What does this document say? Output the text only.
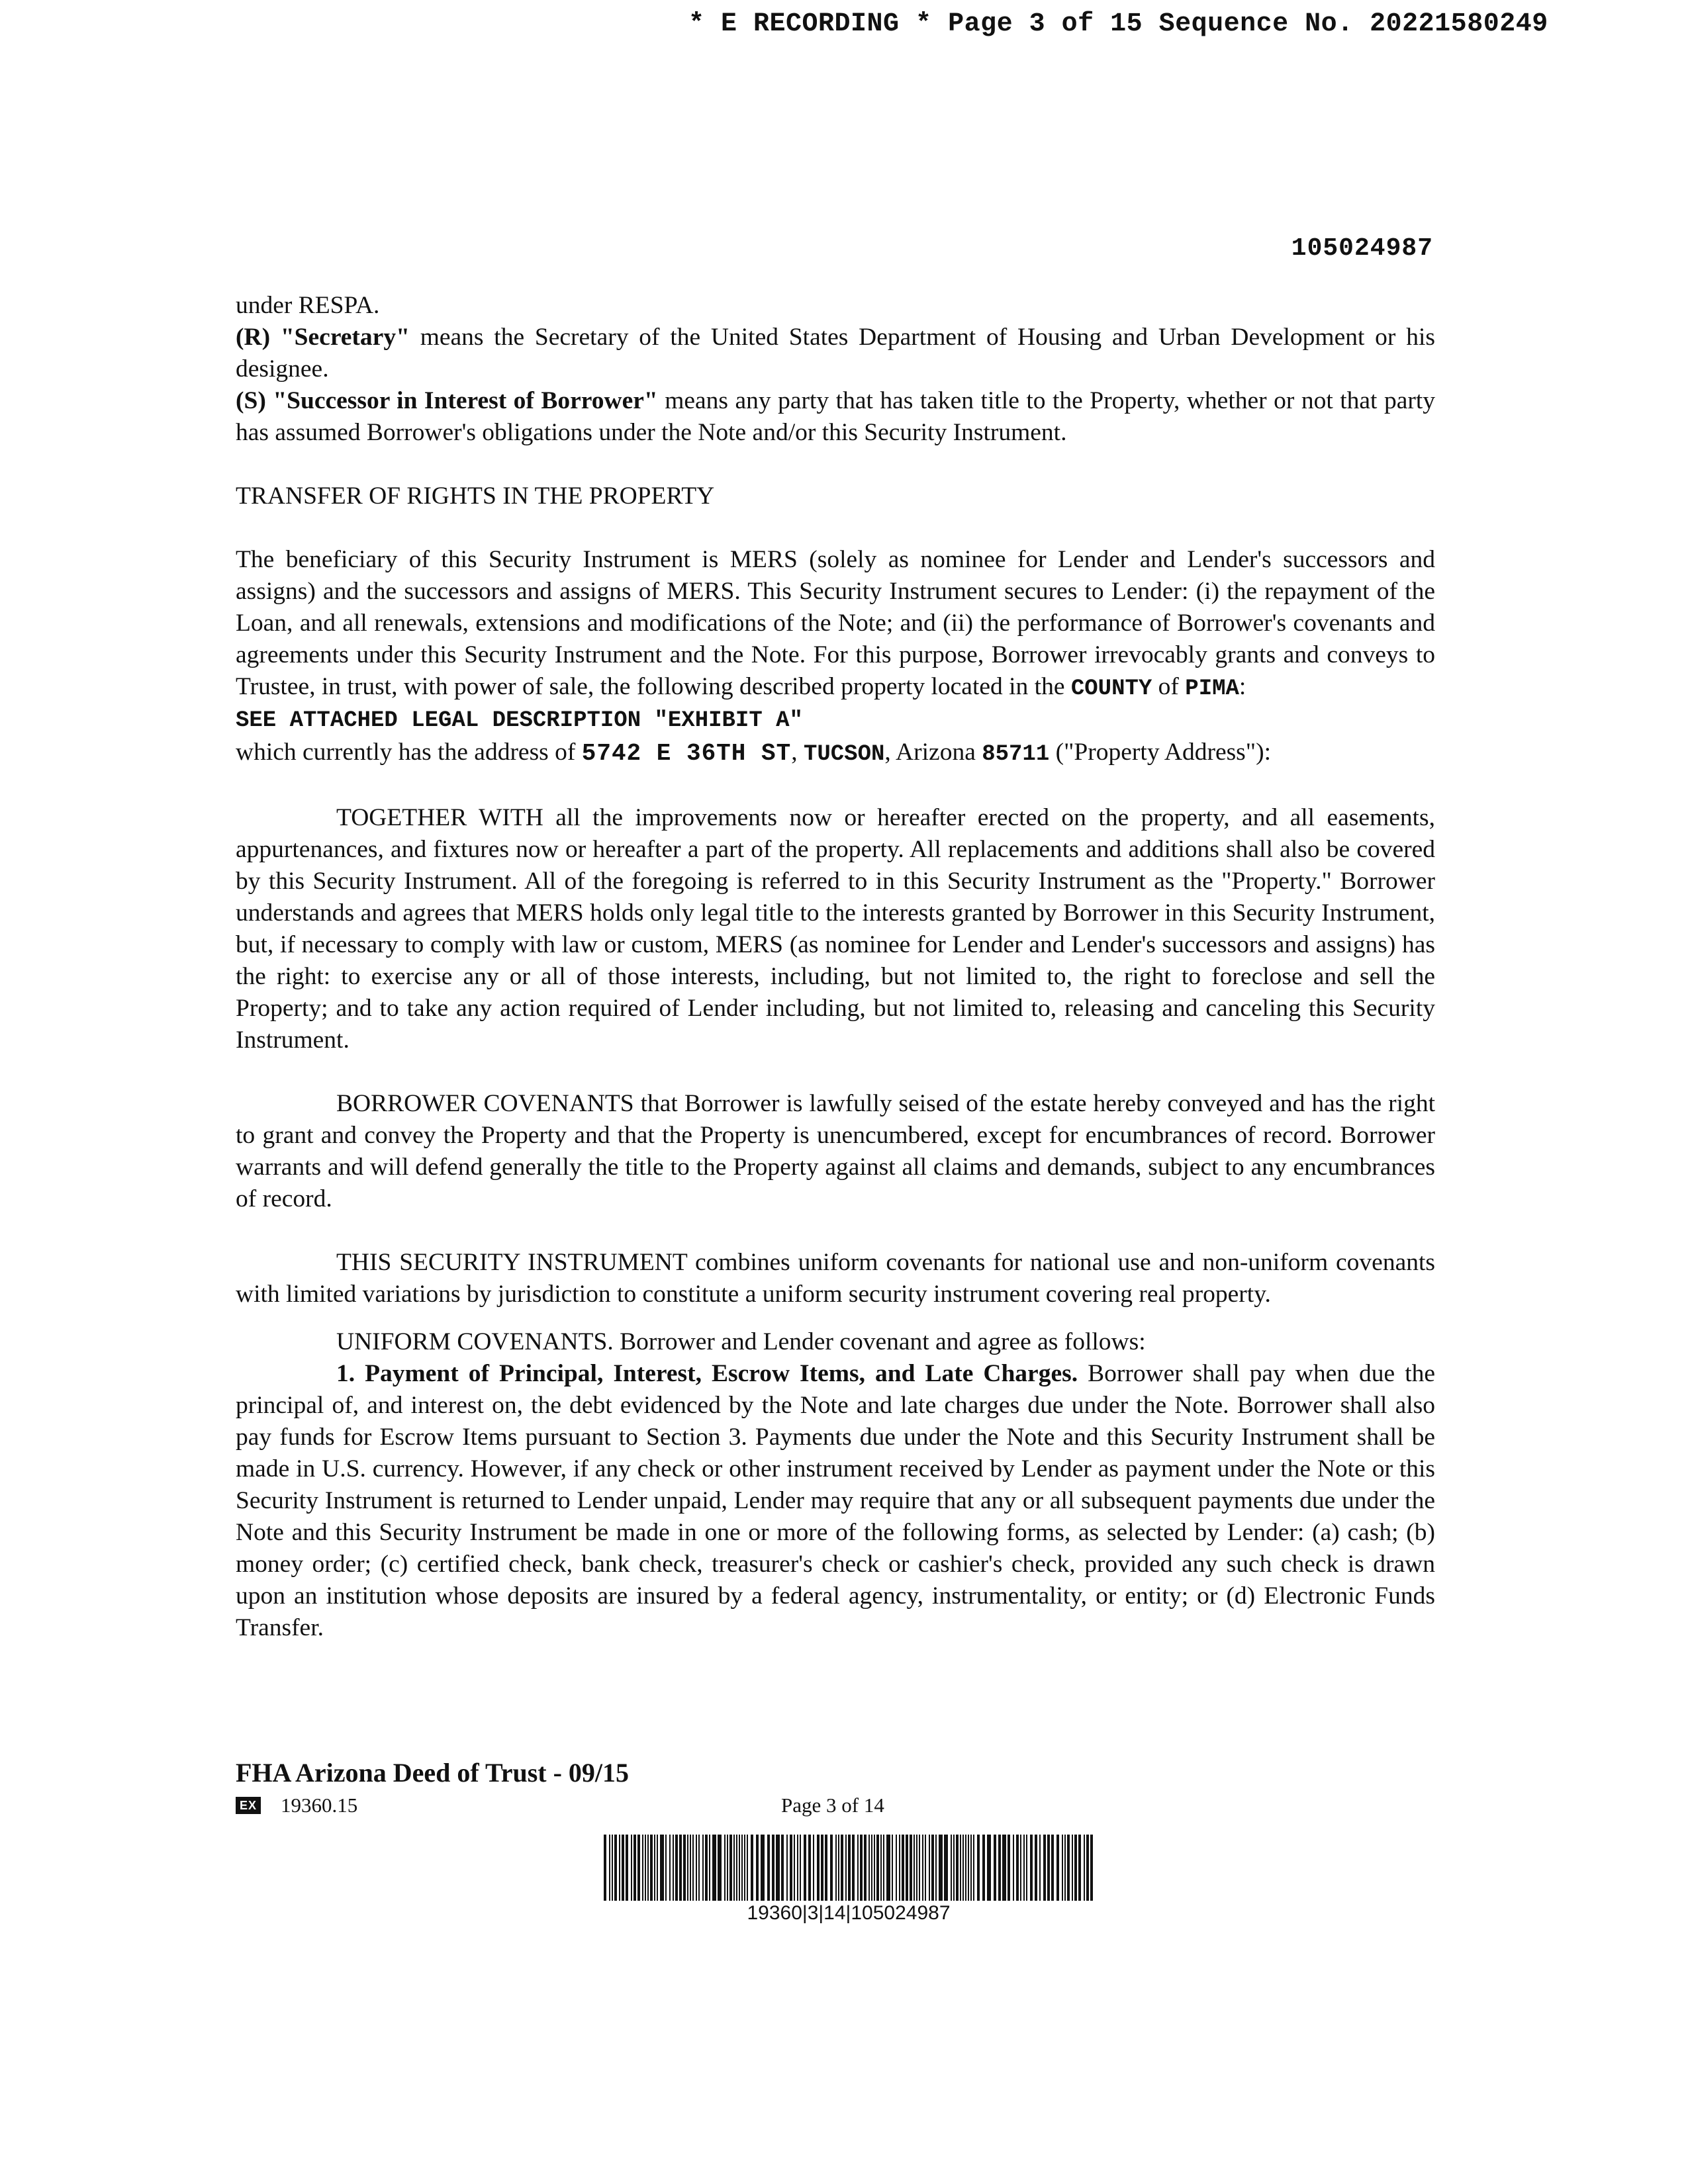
* E RECORDING * Page 3 of 15 Sequence No. 20221580249
105024987

under RESPA.

(R) "Secretary" means the Secretary of the United States Department of Housing and Urban Development or his designee.

(S) "Successor in Interest of Borrower" means any party that has taken title to the Property, whether or not that party has assumed Borrower's obligations under the Note and/or this Security Instrument.

TRANSFER OF RIGHTS IN THE PROPERTY

The beneficiary of this Security Instrument is MERS (solely as nominee for Lender and Lender's successors and assigns) and the successors and assigns of MERS. This Security Instrument secures to Lender: (i) the repayment of the Loan, and all renewals, extensions and modifications of the Note; and (ii) the performance of Borrower's covenants and agreements under this Security Instrument and the Note. For this purpose, Borrower irrevocably grants and conveys to Trustee, in trust, with power of sale, the following described property located in the COUNTY of PIMA:

SEE ATTACHED LEGAL DESCRIPTION "EXHIBIT A"

which currently has the address of 5742 E 36TH ST, TUCSON, Arizona 85711 ("Property Address"):

TOGETHER WITH all the improvements now or hereafter erected on the property, and all easements, appurtenances, and fixtures now or hereafter a part of the property. All replacements and additions shall also be covered by this Security Instrument. All of the foregoing is referred to in this Security Instrument as the "Property." Borrower understands and agrees that MERS holds only legal title to the interests granted by Borrower in this Security Instrument, but, if necessary to comply with law or custom, MERS (as nominee for Lender and Lender's successors and assigns) has the right: to exercise any or all of those interests, including, but not limited to, the right to foreclose and sell the Property; and to take any action required of Lender including, but not limited to, releasing and canceling this Security Instrument.

BORROWER COVENANTS that Borrower is lawfully seised of the estate hereby conveyed and has the right to grant and convey the Property and that the Property is unencumbered, except for encumbrances of record. Borrower warrants and will defend generally the title to the Property against all claims and demands, subject to any encumbrances of record.

THIS SECURITY INSTRUMENT combines uniform covenants for national use and non-uniform covenants with limited variations by jurisdiction to constitute a uniform security instrument covering real property.

UNIFORM COVENANTS. Borrower and Lender covenant and agree as follows:

1. Payment of Principal, Interest, Escrow Items, and Late Charges. Borrower shall pay when due the principal of, and interest on, the debt evidenced by the Note and late charges due under the Note. Borrower shall also pay funds for Escrow Items pursuant to Section 3. Payments due under the Note and this Security Instrument shall be made in U.S. currency. However, if any check or other instrument received by Lender as payment under the Note or this Security Instrument is returned to Lender unpaid, Lender may require that any or all subsequent payments due under the Note and this Security Instrument be made in one or more of the following forms, as selected by Lender: (a) cash; (b) money order; (c) certified check, bank check, treasurer's check or cashier's check, provided any such check is drawn upon an institution whose deposits are insured by a federal agency, instrumentality, or entity; or (d) Electronic Funds Transfer.

FHA Arizona Deed of Trust - 09/15
EX 19360.15	Page 3 of 14
19360|3|14|105024987
